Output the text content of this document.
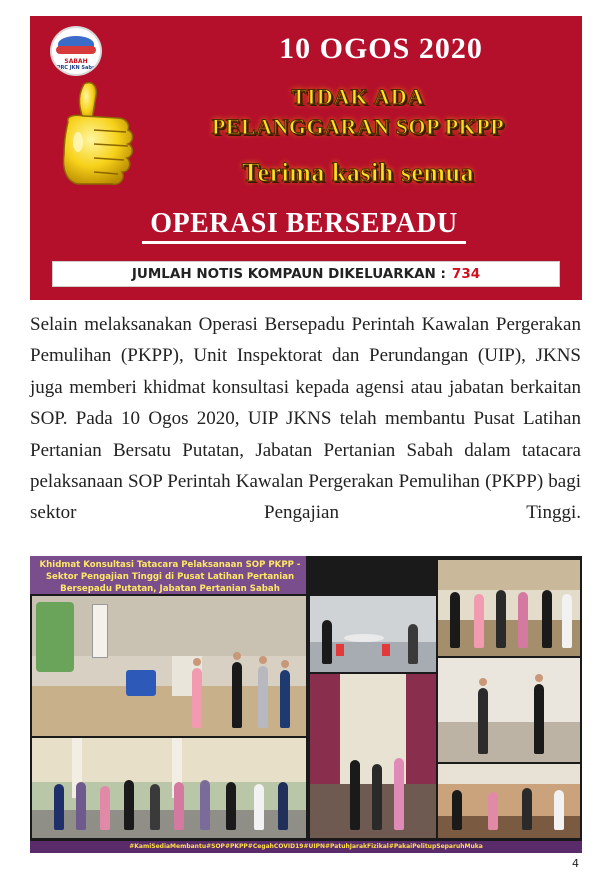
SABAH
CPRC JKN Sabah
10 OGOS 2020
TIDAK ADA
PELANGGARAN SOP PKPP
Terima kasih semua
OPERASI BERSEPADU
JUMLAH NOTIS KOMPAUN DIKELUARKAN : 734
Selain melaksanakan Operasi Bersepadu Perintah Kawalan Pergerakan Pemulihan (PKPP), Unit Inspektorat dan Perundangan (UIP), JKNS juga memberi khidmat konsultasi kepada agensi atau jabatan berkaitan SOP. Pada 10 Ogos 2020, UIP JKNS telah membantu Pusat Latihan Pertanian Bersatu Putatan, Jabatan Pertanian Sabah dalam tatacara pelaksanaan SOP Perintah Kawalan Pergerakan Pemulihan (PKPP) bagi sektor Pengajian Tinggi.
Khidmat Konsultasi Tatacara Pelaksanaan SOP PKPP - Sektor Pengajian Tinggi di Pusat Latihan Pertanian Bersepadu Putatan, Jabatan Pertanian Sabah
#KamiSediaMembantu#SOP#PKPP#CegahCOVID19#UIPN#PatuhJarakFizikal#PakaiPelitupSeparuhMuka
4
